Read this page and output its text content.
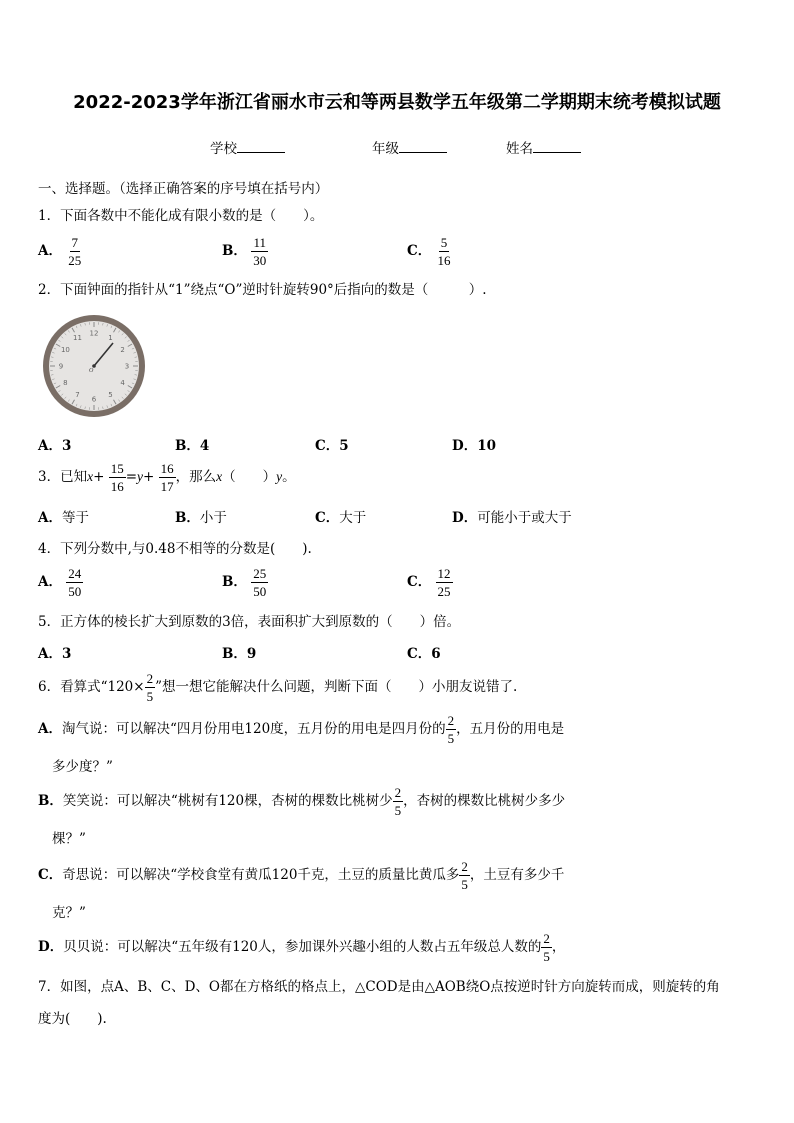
2022-2023学年浙江省丽水市云和等两县数学五年级第二学期期末统考模拟试题
学校	年级	姓名
一、选择题。（选择正确答案的序号填在括号内）
1．下面各数中不能化成有限小数的是（　　）。
A． $\frac{7}{25}$	B． $\frac{11}{30}$	C． $\frac{5}{16}$
2．下面钟面的指针从“1”绕点“O”逆时针旋转90°后指向的数是（　　　）.
12
1
2
3
4
5
6
7
8
9
10
11
O
A．3	B．4	C．5	D．10
3．已知$x+ \frac{15}{16} =y+ \frac{16}{17}$ ，那么x（　　）y。
A．等于	B．小于	C．大于	D．可能小于或大于
4．下列分数中,与0.48不相等的分数是(　　).
A． $\frac{24}{50}$	B． $\frac{25}{50}$	C． $\frac{12}{25}$
5．正方体的棱长扩大到原数的3倍，表面积扩大到原数的（　　）倍。
A．3	B．9	C．6
6．看算式“$120\times \frac{2}{5}$ ”想一想它能解决什么问题，判断下面（　　）小朋友说错了.
A．淘气说：可以解决“四月份用电120度，五月份的用电是四月份的 $\frac{2}{5}$ ，五月份的用电是
多少度？”
B．笑笑说：可以解决“桃树有120棵，杏树的棵数比桃树少 $\frac{2}{5}$ ，杏树的棵数比桃树少多少
棵？”
C．奇思说：可以解决“学校食堂有黄瓜120千克，土豆的质量比黄瓜多 $\frac{2}{5}$ ，土豆有多少千
克？”
D．贝贝说：可以解决“五年级有120人，参加课外兴趣小组的人数占五年级总人数的 $\frac{2}{5}$ ，
7．如图，点A、B、C、D、O都在方格纸的格点上，△COD是由△AOB绕O点按逆时针方向旋转而成，则旋转的角
度为(　　).
